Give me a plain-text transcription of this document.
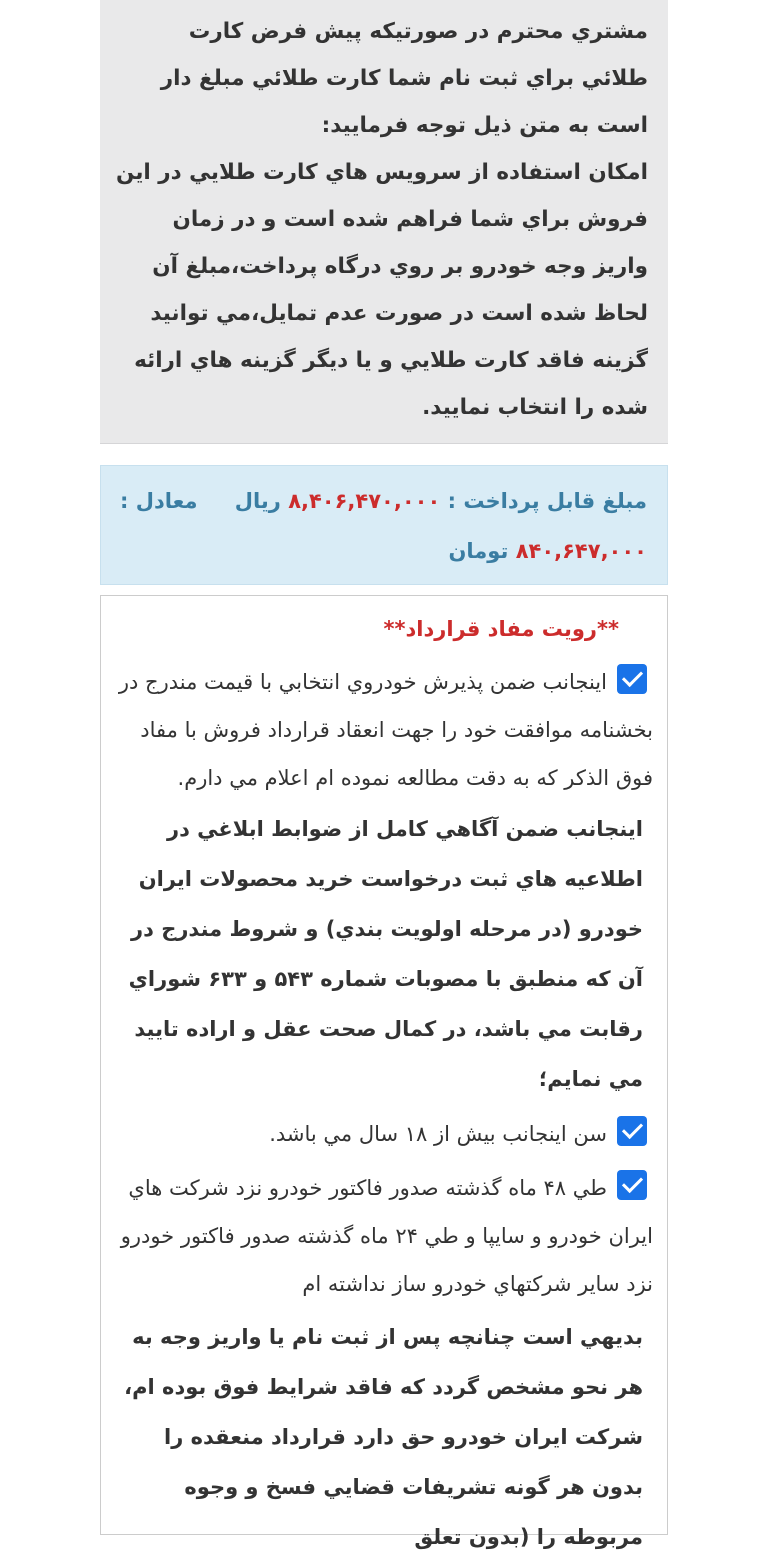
مشتري محترم در صورتيکه پيش فرض کارت طلائي براي ثبت نام شما کارت طلائي مبلغ دار است به متن ذيل توجه فرماييد:

امکان استفاده از سرويس هاي کارت طلايي در اين فروش براي شما فراهم شده است و در زمان واريز وجه خودرو بر روي درگاه پرداخت،مبلغ آن لحاظ شده است در صورت عدم تمايل،مي توانيد گزينه فاقد کارت طلايي و يا ديگر گزينه هاي ارائه شده را انتخاب نماييد.

مبلغ قابل پرداخت : ۸,۴۰۶,۴۷۰,۰۰۰ ريال معادل :
۸۴۰,۶۴۷,۰۰۰ تومان
**رويت مفاد قرارداد**
اينجانب ضمن پذيرش خودروي انتخابي با قيمت مندرج در بخشنامه موافقت خود را جهت انعقاد قرارداد فروش با مفاد فوق الذکر که به دقت مطالعه نموده ام اعلام مي دارم.
اينجانب ضمن آگاهي کامل از ضوابط ابلاغي در اطلاعيه هاي ثبت درخواست خريد محصولات ايران خودرو (در مرحله اولويت بندي) و شروط مندرج در آن که منطبق با مصوبات شماره ۵۴۳ و ۶۳۳ شوراي رقابت مي باشد، در کمال صحت عقل و اراده تاييد مي نمايم؛
سن اينجانب بيش از ۱۸ سال مي باشد.
طي ۴۸ ماه گذشته صدور فاکتور خودرو نزد شرکت هاي ايران خودرو و سايپا و طي ۲۴ ماه گذشته صدور فاکتور خودرو نزد ساير شرکتهاي خودرو ساز نداشته ام
بديهي است چنانچه پس از ثبت نام يا واريز وجه به هر نحو مشخص گردد که فاقد شرايط فوق بوده ام، شرکت ايران خودرو حق دارد قرارداد منعقده را بدون هر گونه تشريفات قضايي فسخ و وجوه مربوطه را (بدون تعلق
